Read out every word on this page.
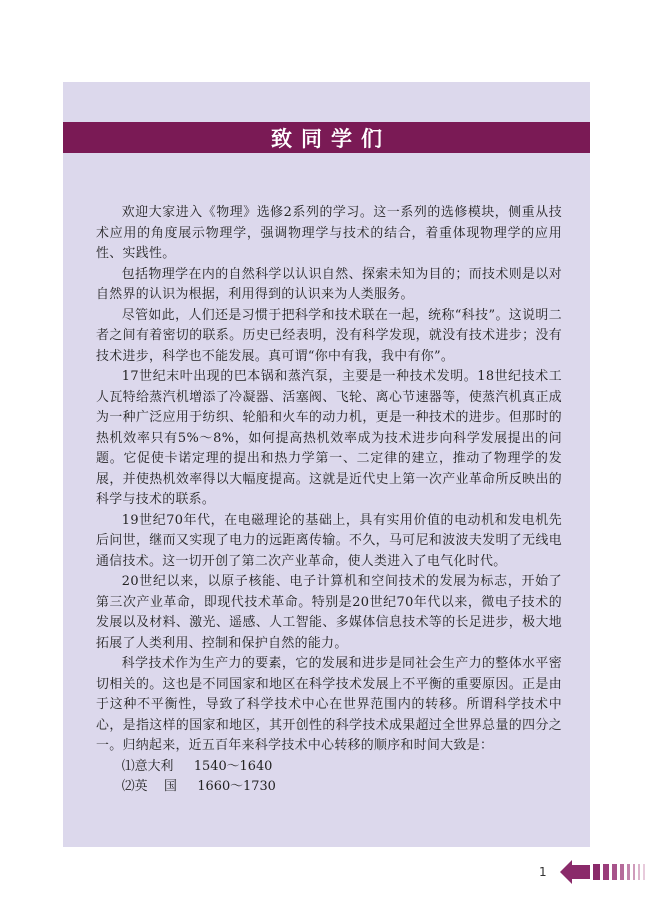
致同学们

欢迎大家进入《物理》选修2系列的学习。这一系列的选修模块，侧重从技术应用的角度展示物理学，强调物理学与技术的结合，着重体现物理学的应用性、实践性。

包括物理学在内的自然科学以认识自然、探索未知为目的；而技术则是以对自然界的认识为根据，利用得到的认识来为人类服务。

尽管如此，人们还是习惯于把科学和技术联在一起，统称“科技”。这说明二者之间有着密切的联系。历史已经表明，没有科学发现，就没有技术进步；没有技术进步，科学也不能发展。真可谓“你中有我，我中有你”。

17世纪末叶出现的巴本锅和蒸汽泵，主要是一种技术发明。18世纪技术工人瓦特给蒸汽机增添了冷凝器、活塞阀、飞轮、离心节速器等，使蒸汽机真正成为一种广泛应用于纺织、轮船和火车的动力机，更是一种技术的进步。但那时的热机效率只有5%～8%，如何提高热机效率成为技术进步向科学发展提出的问题。它促使卡诺定理的提出和热力学第一、二定律的建立，推动了物理学的发展，并使热机效率得以大幅度提高。这就是近代史上第一次产业革命所反映出的科学与技术的联系。

19世纪70年代，在电磁理论的基础上，具有实用价值的电动机和发电机先后问世，继而又实现了电力的远距离传输。不久，马可尼和波波夫发明了无线电通信技术。这一切开创了第二次产业革命，使人类进入了电气化时代。

20世纪以来，以原子核能、电子计算机和空间技术的发展为标志，开始了第三次产业革命，即现代技术革命。特别是20世纪70年代以来，微电子技术的发展以及材料、激光、遥感、人工智能、多媒体信息技术等的长足进步，极大地拓展了人类利用、控制和保护自然的能力。

科学技术作为生产力的要素，它的发展和进步是同社会生产力的整体水平密切相关的。这也是不同国家和地区在科学技术发展上不平衡的重要原因。正是由于这种不平衡性，导致了科学技术中心在世界范围内的转移。所谓科学技术中心，是指这样的国家和地区，其开创性的科学技术成果超过全世界总量的四分之一。归纳起来，近五百年来科学技术中心转移的顺序和时间大致是：

⑴意大利     1540～1640

⑵英    国     1660～1730

1
